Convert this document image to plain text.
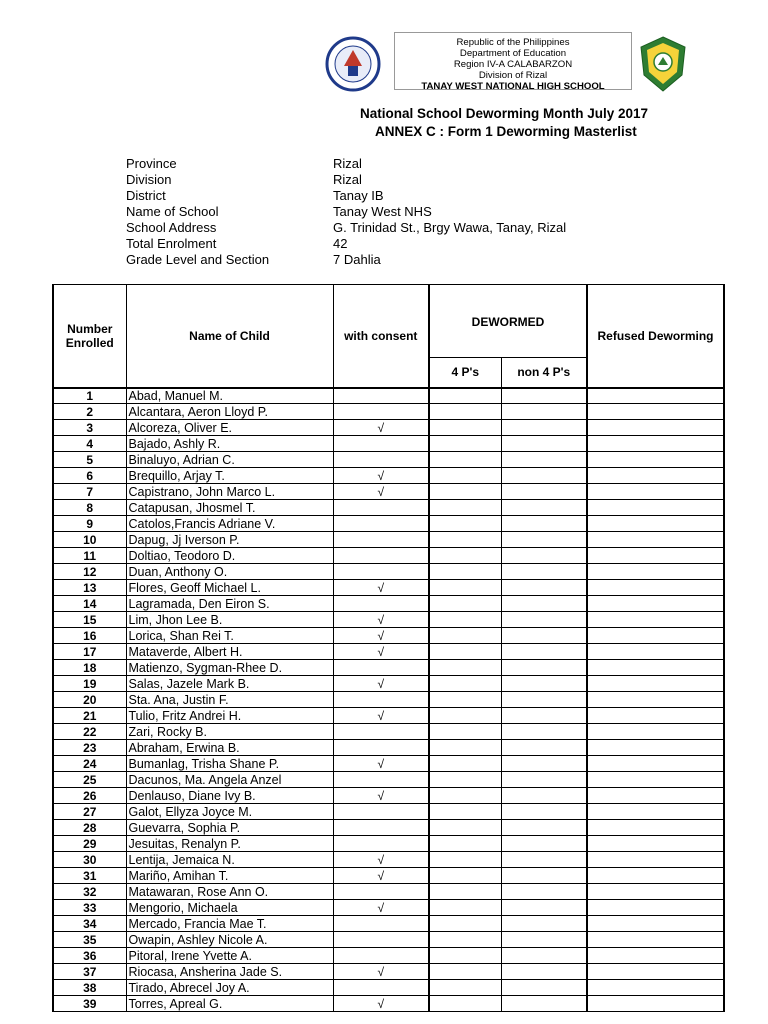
Republic of the Philippines
Department of Education
Region IV-A CALABARZON
Division of Rizal
TANAY WEST NATIONAL HIGH SCHOOL
National School Deworming Month July 2017
ANNEX C : Form 1 Deworming Masterlist
Province	Rizal
Division	Rizal
District	Tanay IB
Name of School	Tanay West NHS
School Address	G. Trinidad St., Brgy Wawa, Tanay, Rizal
Total Enrolment	42
Grade Level and Section	7 Dahlia
Number Enrolled	Name of Child	with consent	DEWORMED		Refused Deworming
			4 P's	non 4 P's	
1	Abad, Manuel M.				
2	Alcantara, Aeron Lloyd P.				
3	Alcoreza, Oliver E.	√			
4	Bajado, Ashly R.				
5	Binaluyo, Adrian C.				
6	Brequillo, Arjay T.	√			
7	Capistrano, John Marco L.	√			
8	Catapusan, Jhosmel T.				
9	Catolos,Francis Adriane V.				
10	Dapug, Jj Iverson P.				
11	Doltiao, Teodoro D.				
12	Duan, Anthony O.				
13	Flores, Geoff Michael L.	√			
14	Lagramada, Den Eiron S.				
15	Lim, Jhon Lee B.	√			
16	Lorica, Shan Rei T.	√			
17	Mataverde, Albert H.	√			
18	Matienzo, Sygman-Rhee D.				
19	Salas, Jazele Mark B.	√			
20	Sta. Ana, Justin F.				
21	Tulio, Fritz Andrei H.	√			
22	Zari, Rocky B.				
23	Abraham, Erwina B.				
24	Bumanlag, Trisha Shane P.	√			
25	Dacunos, Ma. Angela Anzel				
26	Denlauso, Diane Ivy B.	√			
27	Galot, Ellyza Joyce M.				
28	Guevarra, Sophia P.				
29	Jesuitas, Renalyn P.				
30	Lentija, Jemaica N.	√			
31	Mariño, Amihan T.	√			
32	Matawaran, Rose Ann O.				
33	Mengorio, Michaela	√			
34	Mercado, Francia Mae T.				
35	Owapin, Ashley Nicole A.				
36	Pitoral, Irene Yvette A.				
37	Riocasa, Ansherina Jade S.	√			
38	Tirado, Abrecel Joy A.				
39	Torres, Apreal G.	√			
